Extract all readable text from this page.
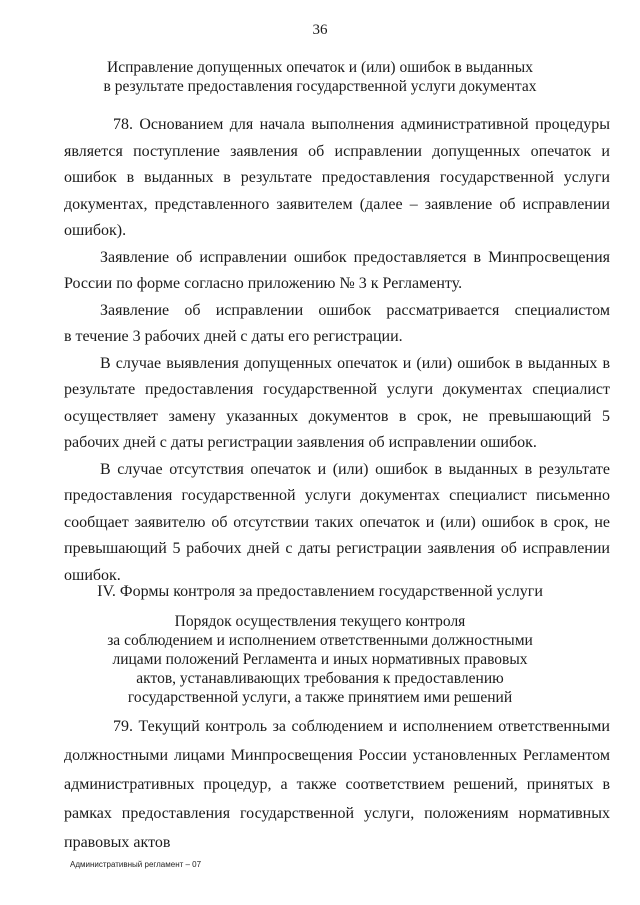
36
Исправление допущенных опечаток и (или) ошибок в выданных
в результате предоставления государственной услуги документах
78. Основанием для начала выполнения административной процедуры является поступление заявления об исправлении допущенных опечаток и ошибок в выданных в результате предоставления государственной услуги документах, представленного заявителем (далее – заявление об исправлении ошибок).
Заявление об исправлении ошибок предоставляется в Минпросвещения России по форме согласно приложению № 3 к Регламенту.
Заявление об исправлении ошибок рассматривается специалистом
в течение 3 рабочих дней с даты его регистрации.
В случае выявления допущенных опечаток и (или) ошибок в выданных в результате предоставления государственной услуги документах специалист осуществляет замену указанных документов в срок, не превышающий 5 рабочих дней с даты регистрации заявления об исправлении ошибок.
В случае отсутствия опечаток и (или) ошибок в выданных в результате предоставления государственной услуги документах специалист письменно сообщает заявителю об отсутствии таких опечаток и (или) ошибок в срок, не превышающий 5 рабочих дней с даты регистрации заявления об исправлении ошибок.
IV. Формы контроля за предоставлением государственной услуги
Порядок осуществления текущего контроля
за соблюдением и исполнением ответственными должностными
лицами положений Регламента и иных нормативных правовых
актов, устанавливающих требования к предоставлению
государственной услуги, а также принятием ими решений
79. Текущий контроль за соблюдением и исполнением ответственными должностными лицами Минпросвещения России установленных Регламентом административных процедур, а также соответствием решений, принятых в рамках предоставления государственной услуги, положениям нормативных правовых актов
Административный регламент – 07
